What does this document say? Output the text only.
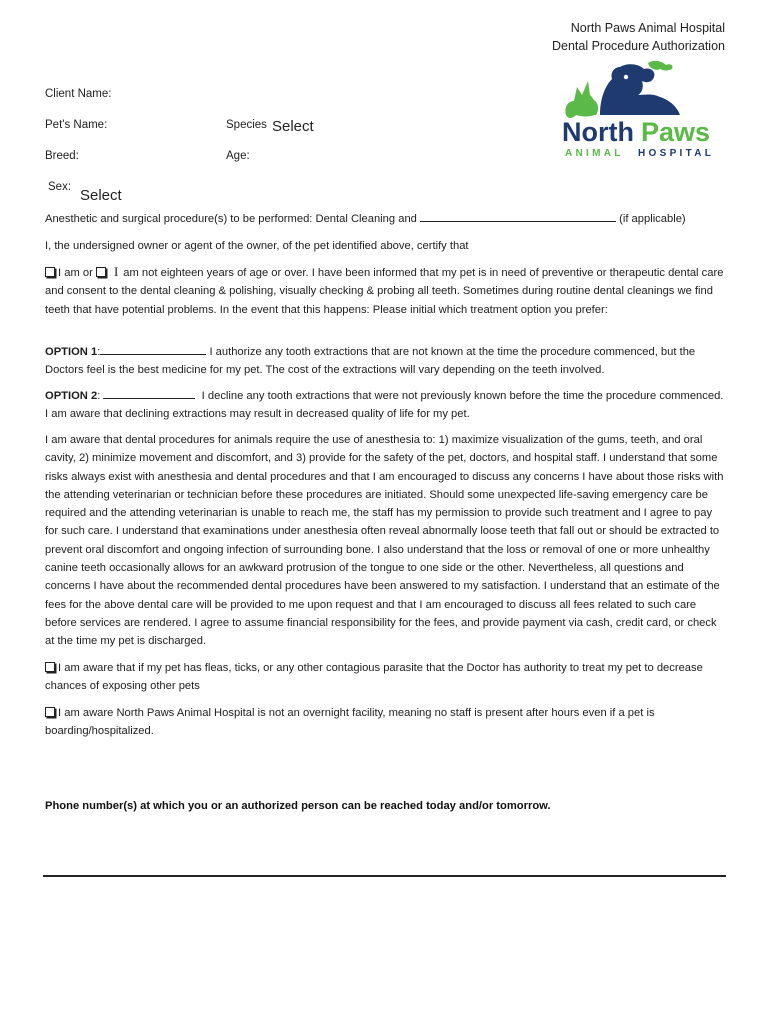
North Paws Animal Hospital
Dental Procedure Authorization
North Paws
ANIMAL HOSPITAL
Client Name:
Pet's Name:	Species Select
Breed:	Age:
Sex: Select

Anesthetic and surgical procedure(s) to be performed: Dental Cleaning and	(if applicable)

I, the undersigned owner or agent of the owner, of the pet identified above, certify that

I am or I am not eighteen years of age or over. I have been informed that my pet is in need of preventive or therapeutic dental care and consent to the dental cleaning & polishing, visually checking & probing all teeth. Sometimes during routine dental cleanings we find teeth that have potential problems. In the event that this happens: Please initial which treatment option you prefer:

OPTION 1:	I authorize any tooth extractions that are not known at the time the procedure commenced, but the Doctors feel is the best medicine for my pet. The cost of the extractions will vary depending on the teeth involved.

OPTION 2:	I decline any tooth extractions that were not previously known before the time the procedure commenced. I am aware that declining extractions may result in decreased quality of life for my pet.

I am aware that dental procedures for animals require the use of anesthesia to: 1) maximize visualization of the gums, teeth, and oral cavity, 2) minimize movement and discomfort, and 3) provide for the safety of the pet, doctors, and hospital staff. I understand that some risks always exist with anesthesia and dental procedures and that I am encouraged to discuss any concerns I have about those risks with the attending veterinarian or technician before these procedures are initiated. Should some unexpected life-saving emergency care be required and the attending veterinarian is unable to reach me, the staff has my permission to provide such treatment and I agree to pay for such care. I understand that examinations under anesthesia often reveal abnormally loose teeth that fall out or should be extracted to prevent oral discomfort and ongoing infection of surrounding bone. I also understand that the loss or removal of one or more unhealthy canine teeth occasionally allows for an awkward protrusion of the tongue to one side or the other. Nevertheless, all questions and concerns I have about the recommended dental procedures have been answered to my satisfaction. I understand that an estimate of the fees for the above dental care will be provided to me upon request and that I am encouraged to discuss all fees related to such care before services are rendered. I agree to assume financial responsibility for the fees, and provide payment via cash, credit card, or check at the time my pet is discharged.

I am aware that if my pet has fleas, ticks, or any other contagious parasite that the Doctor has authority to treat my pet to decrease chances of exposing other pets

I am aware North Paws Animal Hospital is not an overnight facility, meaning no staff is present after hours even if a pet is boarding/hospitalized.

Phone number(s) at which you or an authorized person can be reached today and/or tomorrow.
